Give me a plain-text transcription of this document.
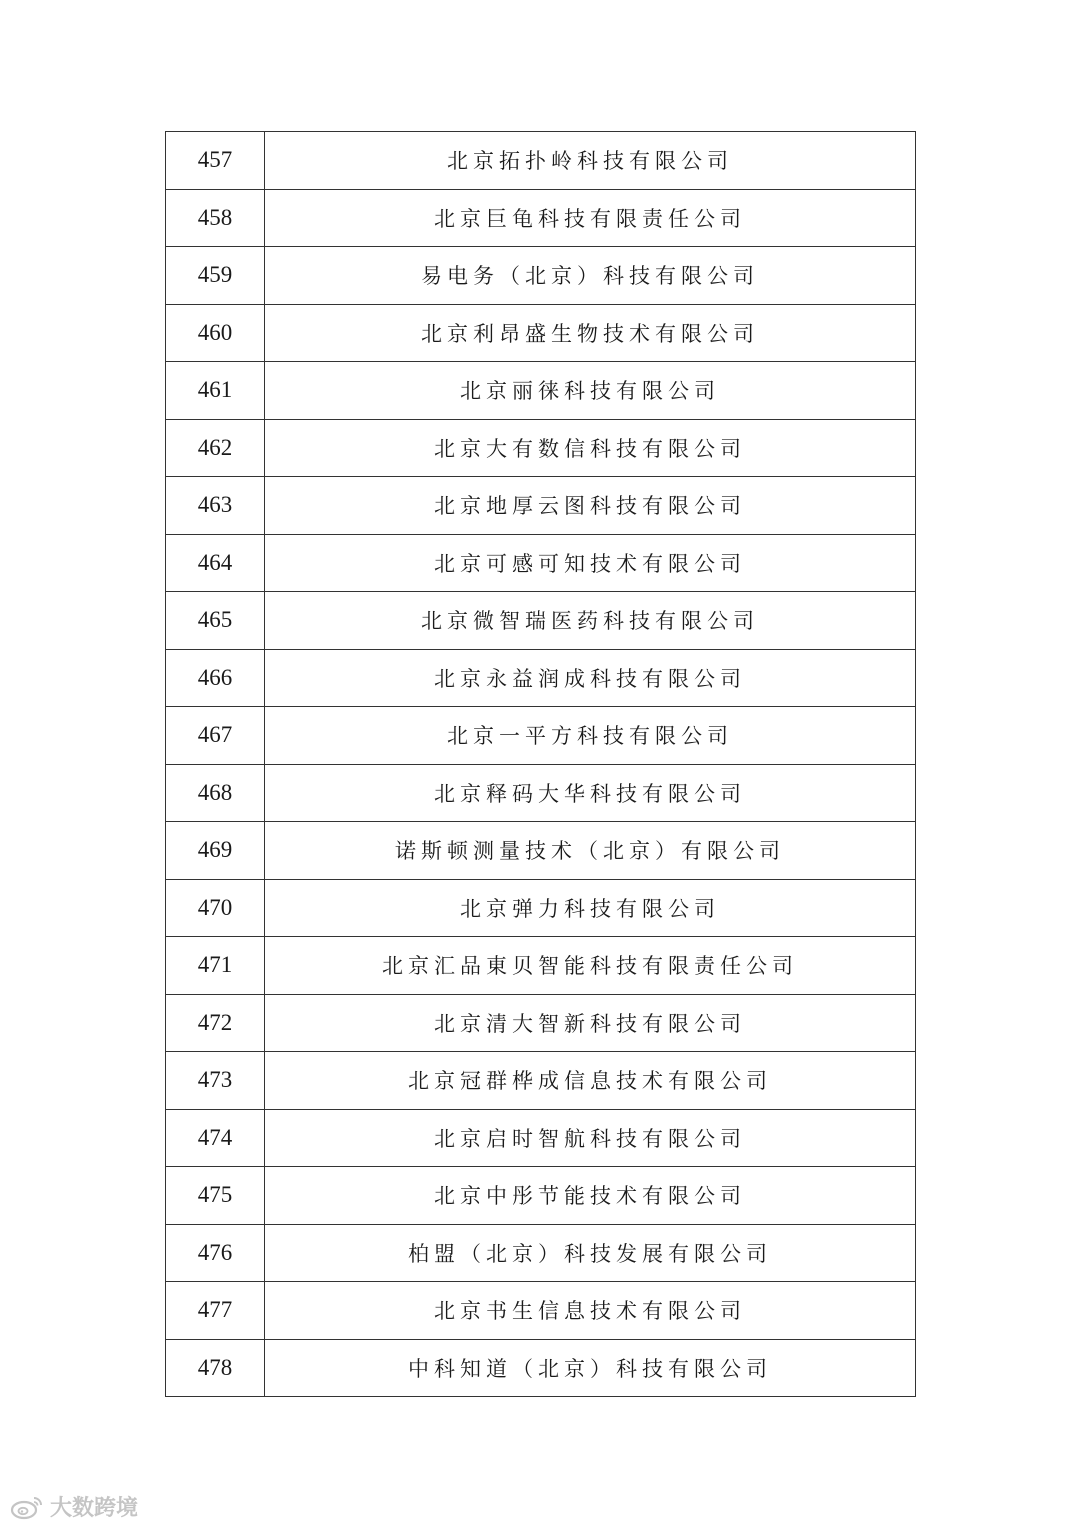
457	北京拓扑岭科技有限公司
458	北京巨龟科技有限责任公司
459	易电务（北京）科技有限公司
460	北京利昂盛生物技术有限公司
461	北京丽徕科技有限公司
462	北京大有数信科技有限公司
463	北京地厚云图科技有限公司
464	北京可感可知技术有限公司
465	北京微智瑞医药科技有限公司
466	北京永益润成科技有限公司
467	北京一平方科技有限公司
468	北京释码大华科技有限公司
469	诺斯顿测量技术（北京）有限公司
470	北京弹力科技有限公司
471	北京汇品東贝智能科技有限责任公司
472	北京清大智新科技有限公司
473	北京冠群桦成信息技术有限公司
474	北京启时智航科技有限公司
475	北京中彤节能技术有限公司
476	柏盟（北京）科技发展有限公司
477	北京书生信息技术有限公司
478	中科知道（北京）科技有限公司
大数跨境
